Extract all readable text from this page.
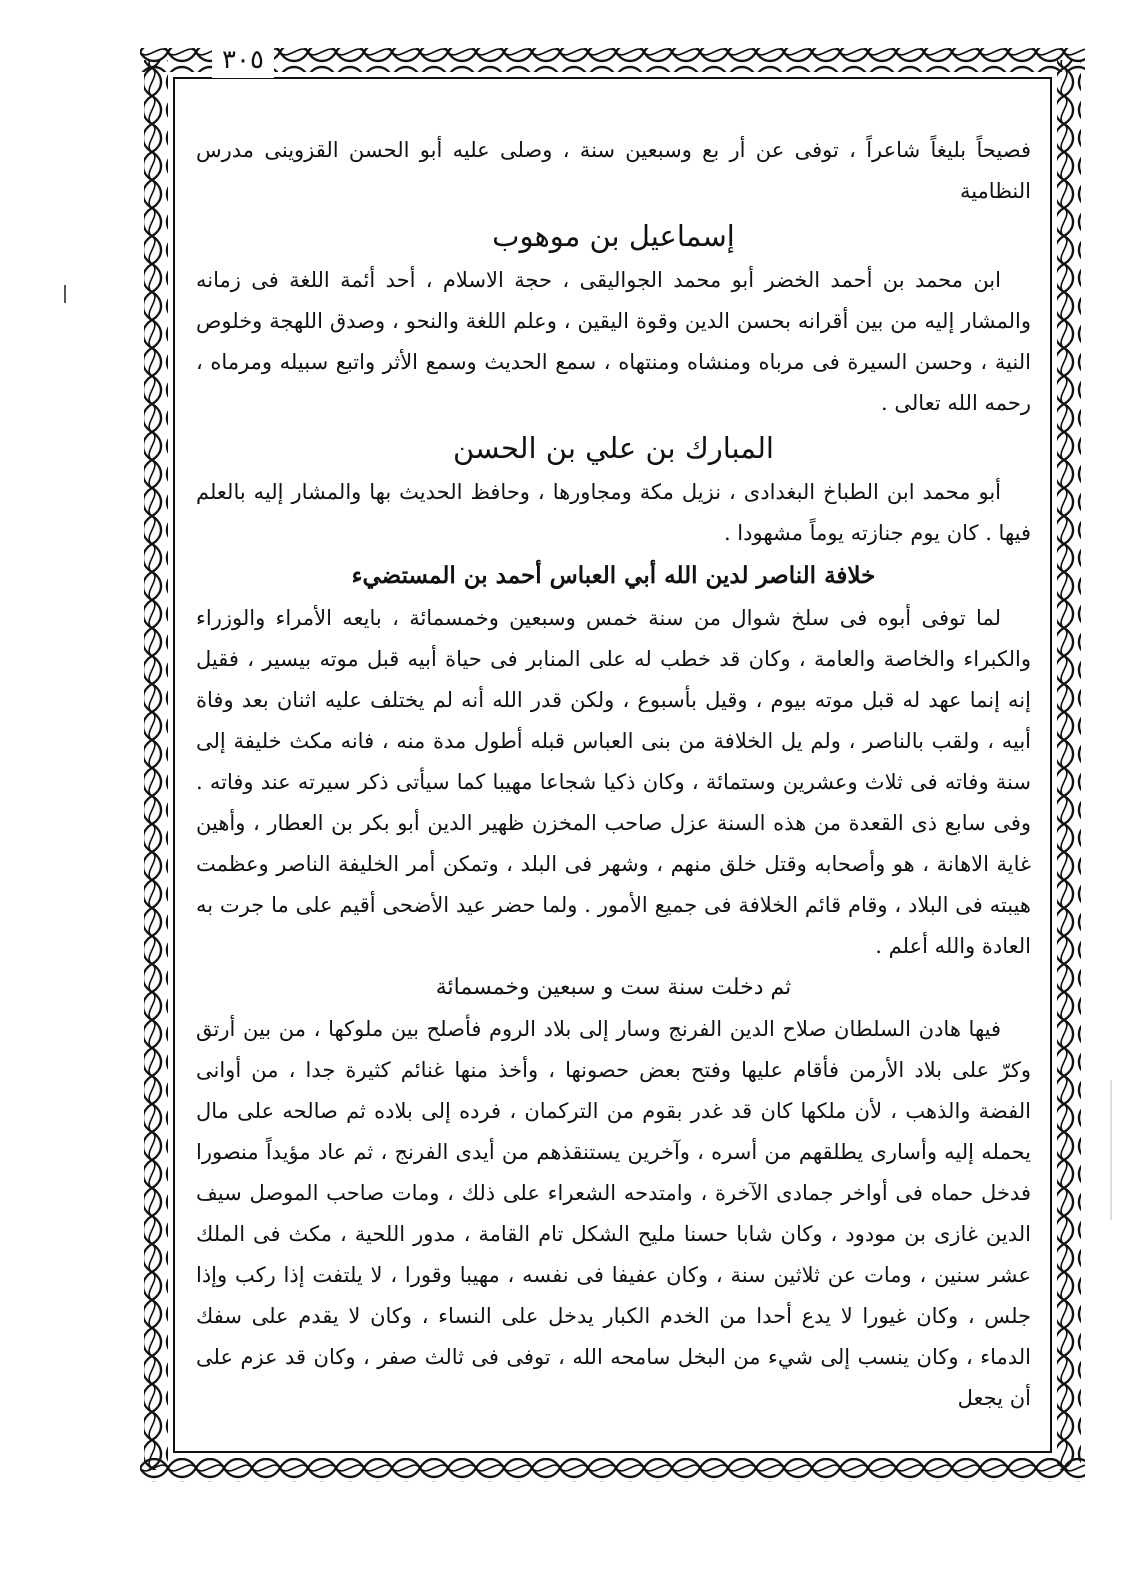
٣٠٥

فصيحاً بليغاً شاعراً ، توفى عن أر بع وسبعين سنة ، وصلى عليه أبو الحسن القزوينى مدرس النظامية

إسماعيل بن موهوب

ابن محمد بن أحمد الخضر أبو محمد الجواليقى ، حجة الاسلام ، أحد أئمة اللغة فى زمانه والمشار إليه من بين أقرانه بحسن الدين وقوة اليقين ، وعلم اللغة والنحو ، وصدق اللهجة وخلوص النية ، وحسن السيرة فى مرباه ومنشاه ومنتهاه ، سمع الحديث وسمع الأثر واتبع سبيله ومرماه ، رحمه الله تعالى .

المبارك بن علي بن الحسن

أبو محمد ابن الطباخ البغدادى ، نزيل مكة ومجاورها ، وحافظ الحديث بها والمشار إليه بالعلم فيها . كان يوم جنازته يوماً مشهودا .

خلافة الناصر لدين الله أبي العباس أحمد بن المستضيء

لما توفى أبوه فى سلخ شوال من سنة خمس وسبعين وخمسمائة ، بايعه الأمراء والوزراء والكبراء والخاصة والعامة ، وكان قد خطب له على المنابر فى حياة أبيه قبل موته بيسير ، فقيل إنه إنما عهد له قبل موته بيوم ، وقيل بأسبوع ، ولكن قدر الله أنه لم يختلف عليه اثنان بعد وفاة أبيه ، ولقب بالناصر ، ولم يل الخلافة من بنى العباس قبله أطول مدة منه ، فانه مكث خليفة إلى سنة وفاته فى ثلاث وعشرين وستمائة ، وكان ذكيا شجاعا مهيبا كما سيأتى ذكر سيرته عند وفاته . وفى سابع ذى القعدة من هذه السنة عزل صاحب المخزن ظهير الدين أبو بكر بن العطار ، وأهين غاية الاهانة ، هو وأصحابه وقتل خلق منهم ، وشهر فى البلد ، وتمكن أمر الخليفة الناصر وعظمت هيبته فى البلاد ، وقام قائم الخلافة فى جميع الأمور . ولما حضر عيد الأضحى أقيم على ما جرت به العادة والله أعلم .

ثم دخلت سنة ست و سبعين وخمسمائة

فيها هادن السلطان صلاح الدين الفرنج وسار إلى بلاد الروم فأصلح بين ملوكها ، من بين أرتق وكرّ على بلاد الأرمن فأقام عليها وفتح بعض حصونها ، وأخذ منها غنائم كثيرة جدا ، من أوانى الفضة والذهب ، لأن ملكها كان قد غدر بقوم من التركمان ، فرده إلى بلاده ثم صالحه على مال يحمله إليه وأسارى يطلقهم من أسره ، وآخرين يستنقذهم من أيدى الفرنج ، ثم عاد مؤيداً منصورا فدخل حماه فى أواخر جمادى الآخرة ، وامتدحه الشعراء على ذلك ، ومات صاحب الموصل سيف الدين غازى بن مودود ، وكان شابا حسنا مليح الشكل تام القامة ، مدور اللحية ، مكث فى الملك عشر سنين ، ومات عن ثلاثين سنة ، وكان عفيفا فى نفسه ، مهيبا وقورا ، لا يلتفت إذا ركب وإذا جلس ، وكان غيورا لا يدع أحدا من الخدم الكبار يدخل على النساء ، وكان لا يقدم على سفك الدماء ، وكان ينسب إلى شيء من البخل سامحه الله ، توفى فى ثالث صفر ، وكان قد عزم على أن يجعل
